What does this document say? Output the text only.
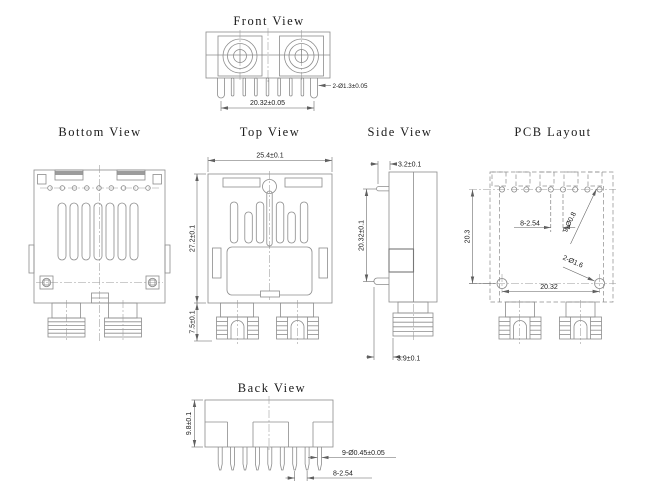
Front View
20.32±0.05
2-Ø1.3±0.05
Bottom View	Top View
25.4±0.1
27.2±0.1
7.5±0.1
Side View
3.2±0.1
20.32±0.1
3.9±0.1
PCB Layout
8-2.54	9-Ø0.8
20.3
2-Ø1.6
20.32
Back View
9.8±0.1
9-Ø0.45±0.05
8-2.54
